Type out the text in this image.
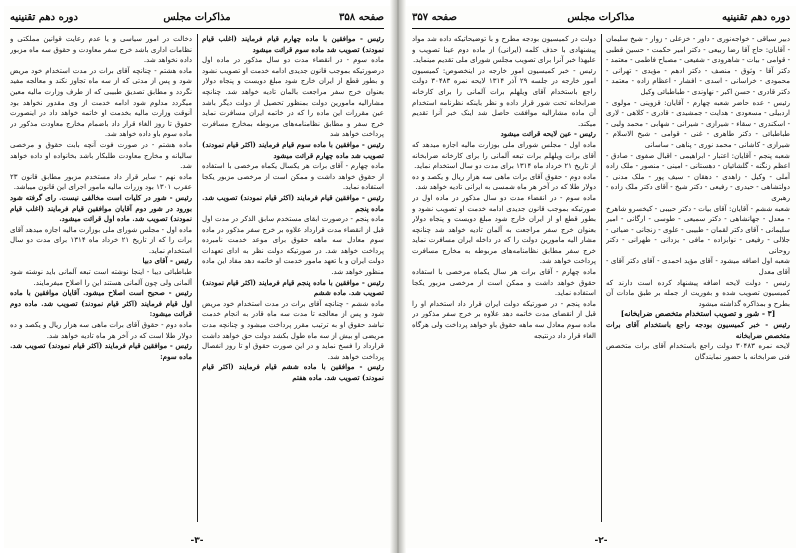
صفحه ۳۵۸
مذاکرات مجلس
دوره دهم تقنینیه

رئیس - موافقین با ماده چهارم قیام فرمایند (اغلب قیام نمودند) تصویب شد ماده سوم قرائت میشود

ماده سوم - در انقضاء مدت دو سال مذکور در ماده اول درصورتیکه بموجب قانون جدیدی ادامه خدمت او تصویب نشود و بطور قطع از ایران خارج شود مبلغ دویست و پنجاه دولار بعنوان خرج سفر مراجعت بالمان تادیه خواهد شد. چنانچه مشاراليه مامورین دولت بمنظور تحصیل از دولت دیگر باشد عین مقررات این ماده را که در خاتمه ایران مسافرت نماید خرج سفر و مطابق نظامنامه‌های مربوطه بمخارج مسافرت پرداخت خواهد شد

رئیس - موافقین با ماده سوم قیام فرمایند (اکثر قیام نمودند) تصویب شد ماده چهارم قرائت میشود

ماده چهارم - آقای برات هر یکسال یکماه مرخصی با استفاده از حقوق خواهد داشت و ممکن است از مرخصی مزبور یکجا استفاده نماید.

رئیس - موافقین قیام فرمایند (اکثر قیام نمودند) تصویب شد. ماده پنجم

ماده پنجم - درصورت ابقای مستخدم سابق الذکر در مدت اول قبل از انقضاء مدت قرارداد علاوه بر خرج سفر مذکور در ماده سوم معادل سه ماهه حقوق برای موعد خدمت نامبرده پرداخت خواهد شد. در صورتیکه دولت نظر به ادای تعهدات دولت ایران و یا تعهد مامور خدمت او خاتمه دهد مفاد این ماده منظور خواهد شد.

رئیس - موافقین با ماده پنجم قیام فرمایند (اکثر قیام نمودند) تصویب شد. ماده ششم

ماده ششم - چنانچه آقای برات در مدت استخدام خود مریض شود و پس از معالجه تا مدت سه ماه قادر به انجام خدمت نباشد حقوق او به ترتیب مقرر پرداخت میشود و چنانچه مدت مریضی او بیش از سه ماه طول بکشد دولت حق خواهد داشت قرارداد را فسخ نماید و در این صورت حقوق او تا روز انفصال پرداخت خواهد شد.

رئیس - موافقین با ماده ششم قیام فرمایند (اکثر قیام نمودند) تصویب شد. ماده هفتم

دخالت در امور سیاسی و یا عدم رعایت قوانین مملکتی و نظامات اداری باشد خرج سفر معاودت و حقوق سه ماه مزبور داده نخواهد شد.

ماده هشتم - چنانچه آقای برات در مدت استخدام خود مریض شود و پس از مدتی که از سه ماه تجاوز نکند و معالجه مفید نگردد و مطابق تصدیق طبیبی که از طرف وزارت مالیه معین میگردد مدلوم شود ادامه خدمت از وی مقدور نخواهد بود آنوقت وزارت مالیه بخدمت او خاتمه خواهد داد در اینصورت حقوق تا روز الغاء قرار داد باضمام مخارج معاودت مذکور در ماده سوم باو داده خواهد شد.

ماده هشتم - در صورت فوت آنچه بابت حقوق و مرخصی سالیانه و مخارج معاودت طلبکار باشد بخانواده او داده خواهد شد.

ماده نهم - سایر قرار داد مستخدم مزبور مطابق قانون ۲۳ عقرب ۱۳۰۱ بود وزرات مالیه مامور اجرای این قانون میباشد.

رئیس - شور در کلیات است مخالفی نیست. رای گرفته شود بورود در شور دوم آقایان موافقین قیام فرمایند (اغلب قیام نمودند) تصویب شد. ماده اول قرائت میشود.

ماده اول - مجلس شورای ملی بوزارت مالیه اجازه میدهد آقای برات را که از تاریخ ۲۱ خرداد ماه ۱۳۱۴ برای مدت دو سال استخدام نماید.

رئیس - آقای دبیا

طباطبائی دیبا - اینجا نوشته است تبعه آلمانی باید نوشته شود آلمانی ولی چون آلمانی هستند این را اصلاح میفرمایند.

رئیس - صحیح است اصلاح میشود. آقایان موافقین با ماده اول قیام فرمایند (اکثر قیام نمودند) تصویب شد. ماده دوم قرائت میشود:

ماده دوم - حقوق آقای برات ماهی سه هزار ریال و یکصد و ده دولار طلا است که در آخر هر ماه تادیه خواهد شد.

رئیس - موافقین قیام فرمایند (اکثر قیام نمودند) تصویب شد. ماده سوم:

-۳-
دوره دهم تقنینیه
مذاکرات مجلس
صفحه ۳۵۷

دبیر سیاقی - خواجه‌نوری - داور - خزعلی - زوار - شیخ سلیمان - آقایان: حاج آقا رضا ربیعی - دکتر امیر حکمت - حسین قطبی - قوامی - بیات - شاهرودی - شفیعی - مصباح فاطمی - معتمد - دکتر آقا - وثوق - منصف - دکتر ادهم - مؤیدی - تهرانی - محمودی - خراسانی - اسدی - افشار - اعظام زاده - معتمد - دکتر قادری - حسن اکبر - نهاوندی - طباطبائی وکیل

رئیس - عده حاضر شعبه چهارم - آقایان: قزوینی - مولوی - اردبیلی - مسعودی - هدایت - جمشیدی - قادری - کلاهی - لاری - اسکندری - سقاء - شیرازی - شیرانی - شهابی - محمد ولیی - طباطبائی - دکتر طاهری - غنی - قوامی - شیخ الاسلام - شیرازی - کاشانی - محمد نوری - پناهی - ساسانی

شعبه پنجم - آقایان: اعتبار - ابراهیمی - اقبال صفوی - صادق - اعظم زنگنه - گلشائیان - دهستانی - امینی - منصور - ملک زاده آملی - وکیل - زاهدی - دهقان - سیف پور - ملک مدنی - دولتشاهی - حیدری - رفیعی - دکتر شیخ - آقای دکتر ملک زاده - رهبری

شعبه ششم - آقایان: آقای بیات - دکتر حبیبی - کیخسرو شاهرخ - معدل - جهانشاهی - دکتر سمیعی - طوسی - ارگانی - امیر سلیمانی - آقای دکتر لقمان - طبیبی - علوی - زنجانی - ضیائی - جلالی - رفیعی - نوابزاده - مافی - یزدانی - طهرانی - دکتر روحانی

شعبه اول اضافه میشود - آقای مؤید احمدی - آقای دکتر آقای - آقای معدل

رئیس - دولت لایحه اضافه پیشنهاد کرده است دارند که کمیسیون تصویب شده و بفوریت از جمله بر طبق مادات آن بطرح و بمذاکره گذاشته میشود

[۳ - شور و تصویب استخدام متخصص ضرابخانه]

رئیس - خبر کمیسیون بودجه راجع باستخدام آقای برات متخصص ضرابخانه

لایحه نمره ۳۰۴۸۳ دولت راجع باستخدام آقای برات متخصص فنی ضرابخانه با حضور نمایندگان

دولت در کمیسیون بودجه مطرح و با توضیحاتیکه داده شد مواد پیشنهادی با حذف کلمه (ایرانی) از ماده دوم عینا تصویب و علیهذا خبر آنرا برای تصویب مجلس شورای ملی تقدیم مینماید.

رئیس - خبر کمیسیون امور خارجه در اینخصوص: کمیسیون امور خارجه در جلسه ۲۹ آذر ۱۳۱۴ لایحه نمره ۳۰۴۸۳ دولت راجع باستخدام آقای ویلهلم برات آلمانی را برای کارخانه ضرابخانه تحت شور قرار داده و نظر باینکه نظرنامه استخدام آن ماده مشارالیه موافقت حاصل شد اینک خبر آنرا تقدیم میکند.

رئیس - عین لایحه قرائت میشود

ماده اول - مجلس شورای ملی بوزارت مالیه اجازه میدهد که آقای برات ویلهلم برات تبعه آلمانی را برای کارخانه ضرابخانه از تاریخ ۲۱ خرداد ماه ۱۳۱۴ برای مدت دو سال استخدام نماید.

ماده دوم - حقوق آقای برات ماهی سه هزار ریال و یکصد و ده دولار طلا که در آخر هر ماه شمسی به ایرانی تادیه خواهد شد.

ماده سوم - در انقضاء مدت دو سال مذکور در ماده اول در صورتیکه بموجب قانون جدیدی ادامه خدمت او تصویب نشود و بطور قطع او از ایران خارج شود مبلغ دویست و پنجاه دولار بعنوان خرج سفر مراجعت به آلمان تادیه خواهد شد چنانچه مشار الیه مامورین دولت را که در داخله ایران مسافرت نماید خرج سفر مطابق نظامنامه‌های مربوطه به مخارج مسافرت پرداخت خواهد شد.

ماده چهارم - آقای برات هر سال یکماه مرخصی با استفاده حقوق خواهد داشت و ممکن است از مرخصی مزبور یکجا استفاده نماید.

ماده پنجم - در صورتیکه دولت ایران قرار داد استخدام او را قبل از انقضای مدت خاتمه دهد علاوه بر خرج سفر مذکور در ماده سوم معادل سه ماهه حقوق باو خواهد پرداخت ولی هرگاه الغاء قرار داد درنتیجه

-۲-
